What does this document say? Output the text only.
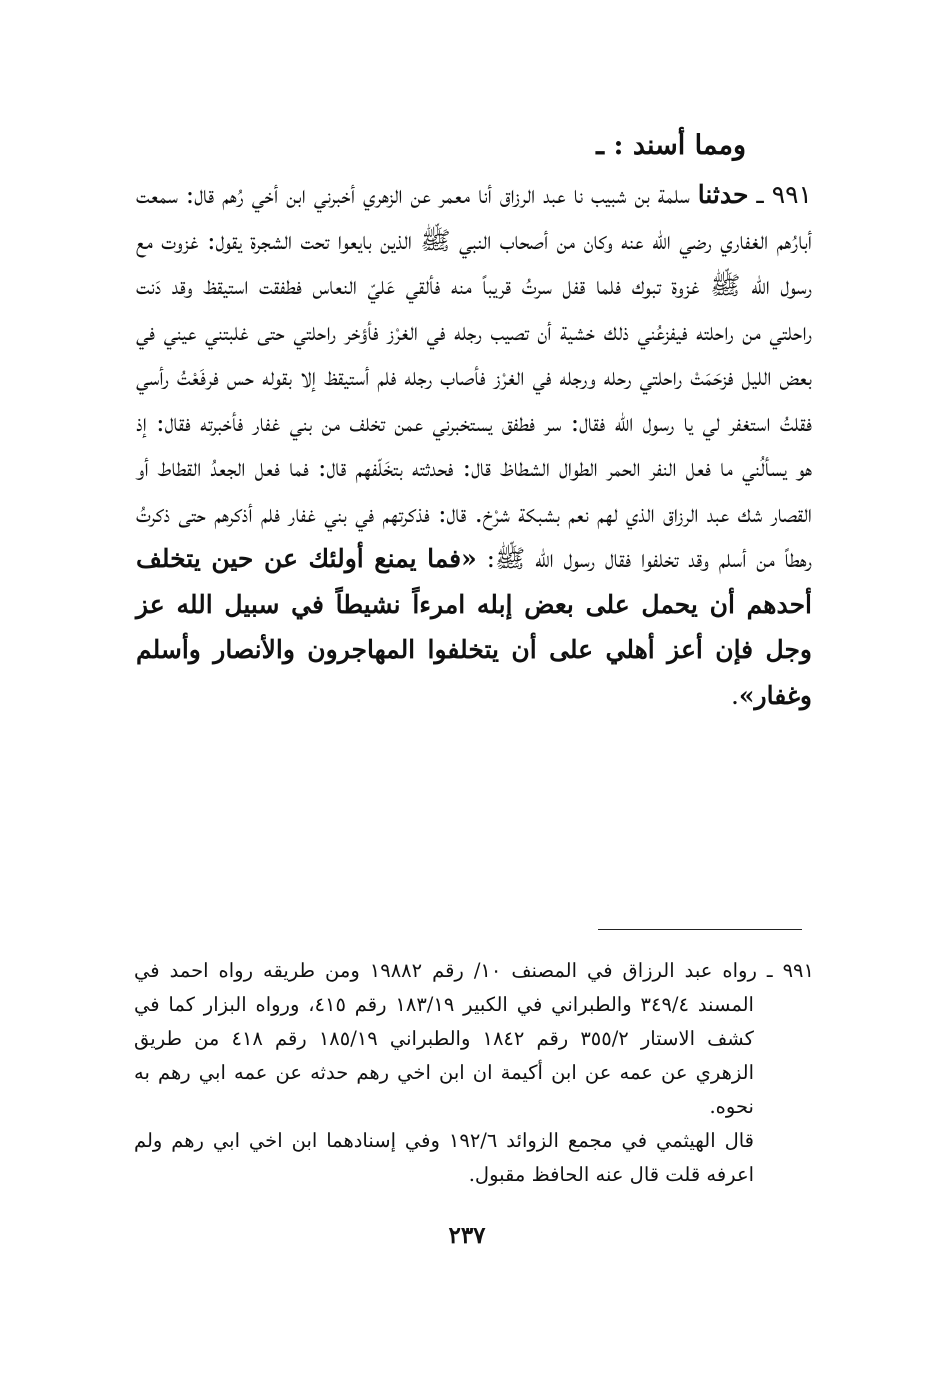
ومما أسند : ـ

٩٩١ ـ حدثنا سلمة بن شبيب نا عبد الرزاق أنا معمر عن الزهري أخبرني ابن أخي رُهم قال: سمعت أبارُهم الغفاري رضي الله عنه وكان من أصحاب النبي ﷺ الذين بايعوا تحت الشجرة يقول: غزوت مع رسول الله ﷺ غزوة تبوك فلما قفل سرتُ قريباً منه فألقي عَليّ النعاس فطفقت استيقظ وقد دَنت راحلتي من راحلته فيفزعُني ذلك خشية أن تصيب رجله في الغرْز فأؤخر راحلتي حتى غلبتني عيني في بعض الليل فزحَمَتْ راحلتي رحله ورجله في الغرْز فأصاب رجله فلم أستيقظ إلا بقوله حس فرفَعْتُ رأسي فقلتُ استغفر لي يا رسول الله فقال: سر فطفق يستخبرني عمن تخلف من بني غفار فأخبرته فقال: إذ هو يسألُني ما فعل النفر الحمر الطوال الشطاظ قال: فحدثته بتخَلّفهم قال: فما فعل الجعدُ القطاط أو القصار شك عبد الرزاق الذي لهم نعم بشبكة شرْخ. قال: فذكرتهم في بني غفار فلم أذكرهم حتى ذكرتُ رهطاً من أسلم وقد تخلفوا فقال رسول الله ﷺ: «فما يمنع أولئك عن حين يتخلف أحدهم أن يحمل على بعض إبله امرءاً نشيطاً في سبيل الله عز وجل فإن أعز أهلي على أن يتخلفوا المهاجرون والأنصار وأسلم وغفار».

٩٩١ ـ رواه عبد الرزاق في المصنف ١٠/ رقم ١٩٨٨٢ ومن طريقه رواه احمد في المسند ٣٤٩/٤ والطبراني في الكبير ١٨٣/١٩ رقم ٤١٥، ورواه البزار كما في كشف الاستار ٣٥٥/٢ رقم ١٨٤٢ والطبراني ١٨٥/١٩ رقم ٤١٨ من طريق الزهري عن عمه عن ابن أكيمة ان ابن اخي رهم حدثه عن عمه ابي رهم به نحوه.

قال الهيثمي في مجمع الزوائد ١٩٢/٦ وفي إسنادهما ابن اخي ابي رهم ولم اعرفه قلت قال عنه الحافظ مقبول.

٢٣٧
